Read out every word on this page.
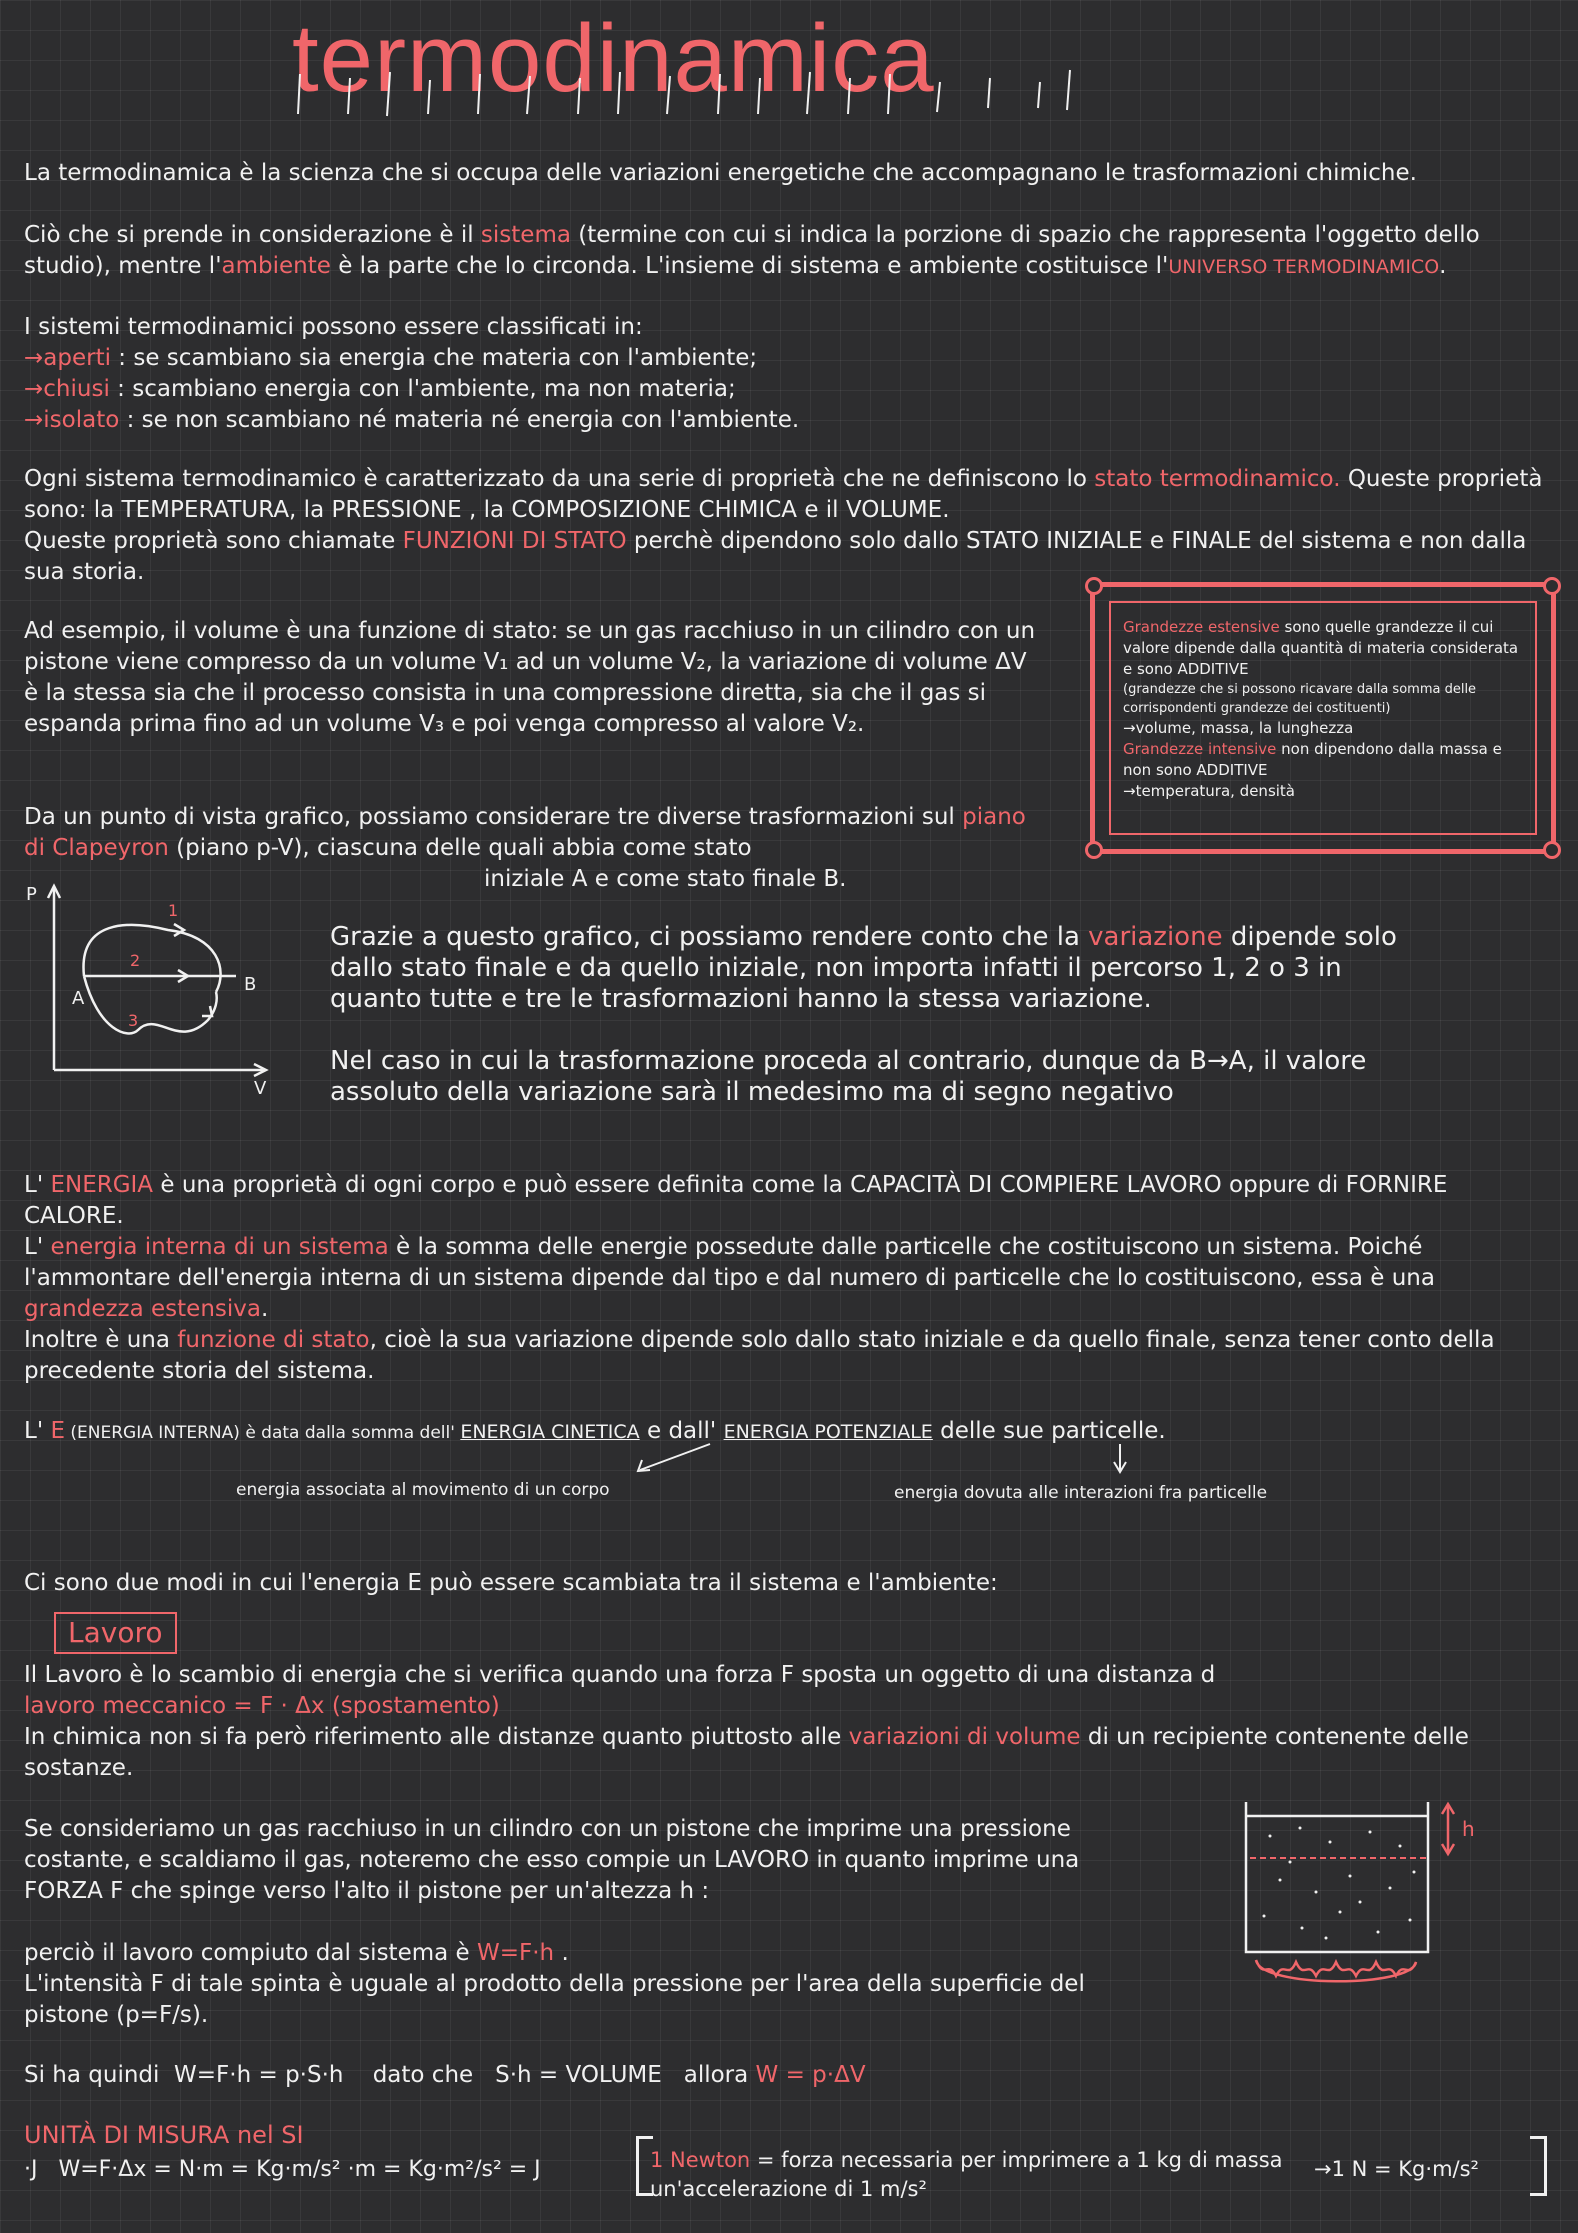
termodinamica
La termodinamica è la scienza che si occupa delle variazioni energetiche che accompagnano le trasformazioni chimiche.
Ciò che si prende in considerazione è il sistema (termine con cui si indica la porzione di spazio che rappresenta l'oggetto dello studio), mentre l'ambiente è la parte che lo circonda. L'insieme di sistema e ambiente costituisce l'UNIVERSO TERMODINAMICO.
I sistemi termodinamici possono essere classificati in:
→aperti : se scambiano sia energia che materia con l'ambiente;
→chiusi : scambiano energia con l'ambiente, ma non materia;
→isolato : se non scambiano né materia né energia con l'ambiente.
Ogni sistema termodinamico è caratterizzato da una serie di proprietà che ne definiscono lo stato termodinamico. Queste proprietà sono: la TEMPERATURA, la PRESSIONE , la COMPOSIZIONE CHIMICA e il VOLUME.
Queste proprietà sono chiamate FUNZIONI DI STATO perchè dipendono solo dallo STATO INIZIALE e FINALE del sistema e non dalla sua storia.
Ad esempio, il volume è una funzione di stato: se un gas racchiuso in un cilindro con un pistone viene compresso da un volume V₁ ad un volume V₂, la variazione di volume ΔV è la stessa sia che il processo consista in una compressione diretta, sia che il gas si espanda prima fino ad un volume V₃ e poi venga compresso al valore V₂.
Da un punto di vista grafico, possiamo considerare tre diverse trasformazioni sul piano di Clapeyron (piano p-V), ciascuna delle quali abbia come stato
iniziale A e come stato finale B.
Grandezze estensive sono quelle grandezze il cui valore dipende dalla quantità di materia considerata e sono ADDITIVE
(grandezze che si possono ricavare dalla somma delle corrispondenti grandezze dei costituenti)
→volume, massa, la lunghezza
Grandezze intensive non dipendono dalla massa e non sono ADDITIVE
→temperatura, densità
P
V
A
B
1
2
3
Grazie a questo grafico, ci possiamo rendere conto che la variazione dipende solo dallo stato finale e da quello iniziale, non importa infatti il percorso 1, 2 o 3 in quanto tutte e tre le trasformazioni hanno la stessa variazione.
Nel caso in cui la trasformazione proceda al contrario, dunque da B→A, il valore assoluto della variazione sarà il medesimo ma di segno negativo
L' ENERGIA è una proprietà di ogni corpo e può essere definita come la CAPACITÀ DI COMPIERE LAVORO oppure di FORNIRE CALORE.
L' energia interna di un sistema è la somma delle energie possedute dalle particelle che costituiscono un sistema. Poiché l'ammontare dell'energia interna di un sistema dipende dal tipo e dal numero di particelle che lo costituiscono, essa è una grandezza estensiva.
Inoltre è una funzione di stato, cioè la sua variazione dipende solo dallo stato iniziale e da quello finale, senza tener conto della precedente storia del sistema.
L' E (ENERGIA INTERNA) è data dalla somma dell' ENERGIA CINETICA e dall' ENERGIA POTENZIALE delle sue particelle.
energia associata al movimento di un corpo	energia dovuta alle interazioni fra particelle
Ci sono due modi in cui l'energia E può essere scambiata tra il sistema e l'ambiente:
Lavoro
Il Lavoro è lo scambio di energia che si verifica quando una forza F sposta un oggetto di una distanza d
lavoro meccanico = F · Δx (spostamento)
In chimica non si fa però riferimento alle distanze quanto piuttosto alle variazioni di volume di un recipiente contenente delle sostanze.
Se consideriamo un gas racchiuso in un cilindro con un pistone che imprime una pressione costante, e scaldiamo il gas, noteremo che esso compie un LAVORO in quanto imprime una FORZA F che spinge verso l'alto il pistone per un'altezza h :
perciò il lavoro compiuto dal sistema è W=F·h .
L'intensità F di tale spinta è uguale al prodotto della pressione per l'area della superficie del pistone (p=F/s).
Si ha quindi  W=F·h = p·S·h    dato che   S·h = VOLUME   allora W = p·ΔV
h
UNITÀ DI MISURA nel SI
·J   W=F·Δx = N·m = Kg·m/s² ·m = Kg·m²/s² = J	1 Newton = forza necessaria per imprimere a 1 kg di massa un'accelerazione di 1 m/s²
→1 N = Kg·m/s²
